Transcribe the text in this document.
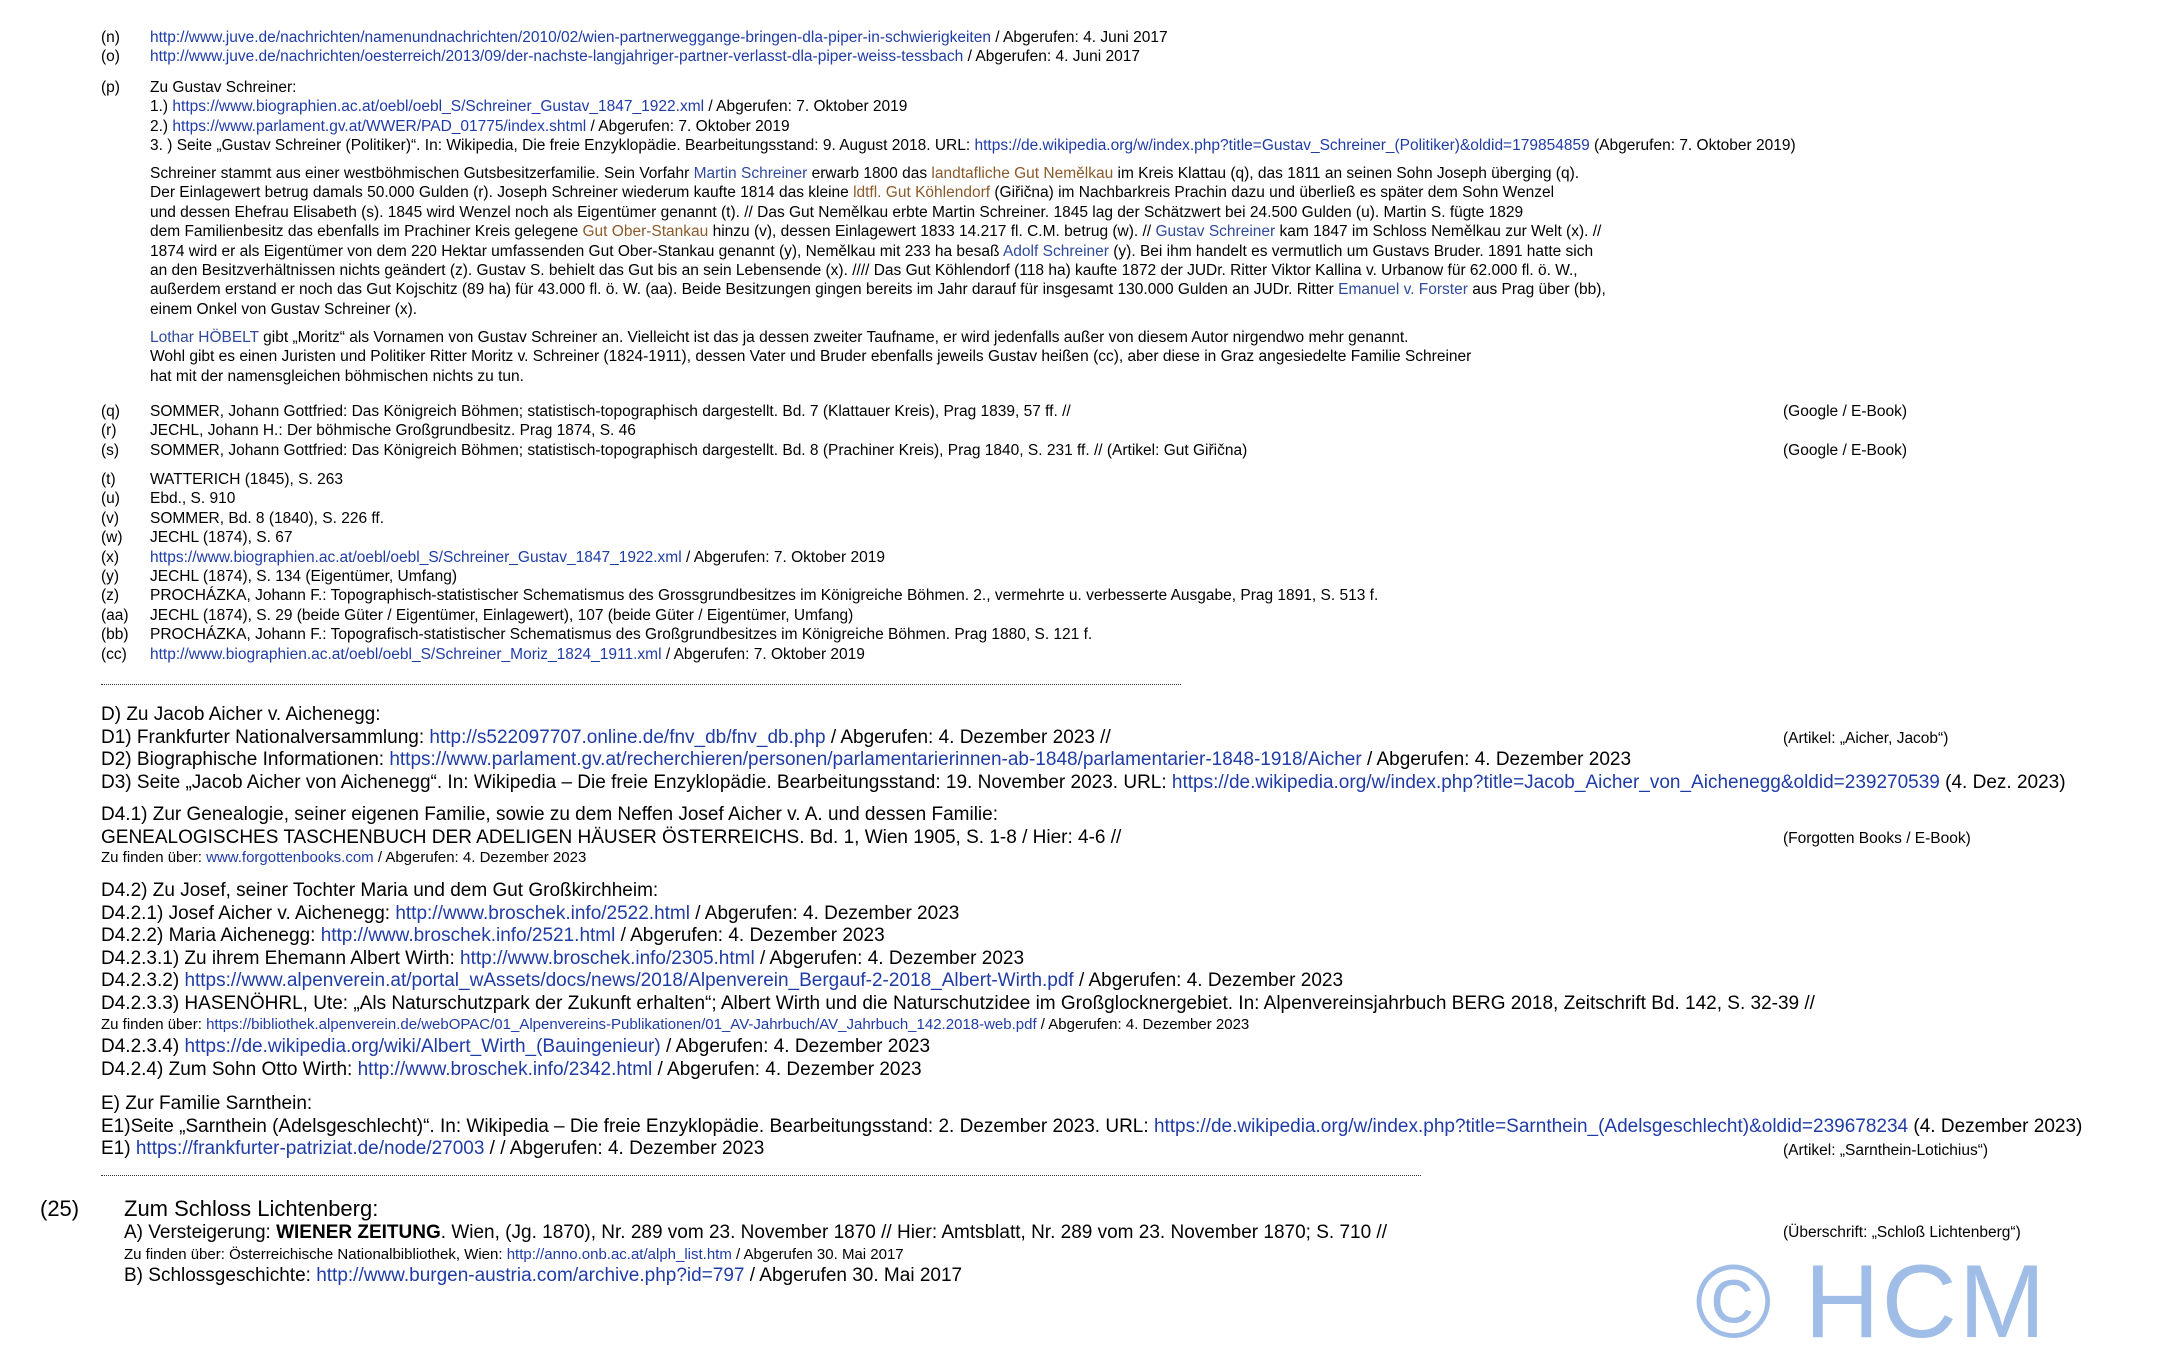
(n) http://www.juve.de/nachrichten/namenundnachrichten/2010/02/wien-partnerweggange-bringen-dla-piper-in-schwierigkeiten / Abgerufen: 4. Juni 2017
(o) http://www.juve.de/nachrichten/oesterreich/2013/09/der-nachste-langjahriger-partner-verlasst-dla-piper-weiss-tessbach / Abgerufen: 4. Juni 2017
(p) Zu Gustav Schreiner:
1.) https://www.biographien.ac.at/oebl/oebl_S/Schreiner_Gustav_1847_1922.xml / Abgerufen: 7. Oktober 2019
2.) https://www.parlament.gv.at/WWER/PAD_01775/index.shtml / Abgerufen: 7. Oktober 2019
3. ) Seite „Gustav Schreiner (Politiker)“. In: Wikipedia, Die freie Enzyklopädie. Bearbeitungsstand: 9. August 2018. URL: https://de.wikipedia.org/w/index.php?title=Gustav_Schreiner_(Politiker)&oldid=179854859 (Abgerufen: 7. Oktober 2019)
Schreiner stammt aus einer westböhmischen Gutsbesitzerfamilie. Sein Vorfahr Martin Schreiner erwarb 1800 das landtafliche Gut Nemělkau im Kreis Klattau (q), das 1811 an seinen Sohn Joseph überging (q).
Der Einlagewert betrug damals 50.000 Gulden (r). Joseph Schreiner wiederum kaufte 1814 das kleine ldtfl. Gut Köhlendorf (Giřična) im Nachbarkreis Prachin dazu und überließ es später dem Sohn Wenzel
und dessen Ehefrau Elisabeth (s). 1845 wird Wenzel noch als Eigentümer genannt (t). // Das Gut Nemělkau erbte Martin Schreiner. 1845 lag der Schätzwert bei 24.500 Gulden (u). Martin S. fügte 1829
dem Familienbesitz das ebenfalls im Prachiner Kreis gelegene Gut Ober-Stankau hinzu (v), dessen Einlagewert 1833 14.217 fl. C.M. betrug (w). // Gustav Schreiner kam 1847 im Schloss Nemělkau zur Welt (x). //
1874 wird er als Eigentümer von dem 220 Hektar umfassenden Gut Ober-Stankau genannt (y), Nemělkau mit 233 ha besaß Adolf Schreiner (y). Bei ihm handelt es vermutlich um Gustavs Bruder. 1891 hatte sich
an den Besitzverhältnissen nichts geändert (z). Gustav S. behielt das Gut bis an sein Lebensende (x). //// Das Gut Köhlendorf (118 ha) kaufte 1872 der JUDr. Ritter Viktor Kallina v. Urbanow für 62.000 fl. ö. W.,
außerdem erstand er noch das Gut Kojschitz (89 ha) für 43.000 fl. ö. W. (aa). Beide Besitzungen gingen bereits im Jahr darauf für insgesamt 130.000 Gulden an JUDr. Ritter Emanuel v. Forster aus Prag über (bb),
einem Onkel von Gustav Schreiner (x).
Lothar HÖBELT gibt „Moritz“ als Vornamen von Gustav Schreiner an. Vielleicht ist das ja dessen zweiter Taufname, er wird jedenfalls außer von diesem Autor nirgendwo mehr genannt.
Wohl gibt es einen Juristen und Politiker Ritter Moritz v. Schreiner (1824-1911), dessen Vater und Bruder ebenfalls jeweils Gustav heißen (cc), aber diese in Graz angesiedelte Familie Schreiner
hat mit der namensgleichen böhmischen nichts zu tun.
(q) SOMMER, Johann Gottfried: Das Königreich Böhmen; statistisch-topographisch dargestellt. Bd. 7 (Klattauer Kreis), Prag 1839, 57 ff. //	(Google / E-Book)
(r) JECHL, Johann H.: Der böhmische Großgrundbesitz. Prag 1874, S. 46
(s) SOMMER, Johann Gottfried: Das Königreich Böhmen; statistisch-topographisch dargestellt. Bd. 8 (Prachiner Kreis), Prag 1840, S. 231 ff. // (Artikel: Gut Giřična)	(Google / E-Book)
(t) WATTERICH (1845), S. 263
(u) Ebd., S. 910
(v) SOMMER, Bd. 8 (1840), S. 226 ff.
(w) JECHL (1874), S. 67
(x) https://www.biographien.ac.at/oebl/oebl_S/Schreiner_Gustav_1847_1922.xml / Abgerufen: 7. Oktober 2019
(y) JECHL (1874), S. 134 (Eigentümer, Umfang)
(z) PROCHÁZKA, Johann F.: Topographisch-statistischer Schematismus des Grossgrundbesitzes im Königreiche Böhmen. 2., vermehrte u. verbesserte Ausgabe, Prag 1891, S. 513 f.
(aa) JECHL (1874), S. 29 (beide Güter / Eigentümer, Einlagewert), 107 (beide Güter / Eigentümer, Umfang)
(bb) PROCHÁZKA, Johann F.: Topografisch-statistischer Schematismus des Großgrundbesitzes im Königreiche Böhmen. Prag 1880, S. 121 f.
(cc) http://www.biographien.ac.at/oebl/oebl_S/Schreiner_Moriz_1824_1911.xml / Abgerufen: 7. Oktober 2019
D) Zu Jacob Aicher v. Aichenegg:
D1) Frankfurter Nationalversammlung: http://s522097707.online.de/fnv_db/fnv_db.php / Abgerufen: 4. Dezember 2023 //	(Artikel: „Aicher, Jacob“)
D2) Biographische Informationen: https://www.parlament.gv.at/recherchieren/personen/parlamentarierinnen-ab-1848/parlamentarier-1848-1918/Aicher / Abgerufen: 4. Dezember 2023
D3) Seite „Jacob Aicher von Aichenegg“. In: Wikipedia – Die freie Enzyklopädie. Bearbeitungsstand: 19. November 2023. URL: https://de.wikipedia.org/w/index.php?title=Jacob_Aicher_von_Aichenegg&oldid=239270539 (4. Dez. 2023)
D4.1) Zur Genealogie, seiner eigenen Familie, sowie zu dem Neffen Josef Aicher v. A. und dessen Familie:
GENEALOGISCHES TASCHENBUCH DER ADELIGEN HÄUSER ÖSTERREICHS. Bd. 1, Wien 1905, S. 1-8 / Hier: 4-6 //	(Forgotten Books / E-Book)
Zu finden über: www.forgottenbooks.com / Abgerufen: 4. Dezember 2023
D4.2) Zu Josef, seiner Tochter Maria und dem Gut Großkirchheim:
D4.2.1) Josef Aicher v. Aichenegg: http://www.broschek.info/2522.html / Abgerufen: 4. Dezember 2023
D4.2.2) Maria Aichenegg: http://www.broschek.info/2521.html / Abgerufen: 4. Dezember 2023
D4.2.3.1) Zu ihrem Ehemann Albert Wirth: http://www.broschek.info/2305.html / Abgerufen: 4. Dezember 2023
D4.2.3.2) https://www.alpenverein.at/portal_wAssets/docs/news/2018/Alpenverein_Bergauf-2-2018_Albert-Wirth.pdf / Abgerufen: 4. Dezember 2023
D4.2.3.3) HASENÖHRL, Ute: „Als Naturschutzpark der Zukunft erhalten“; Albert Wirth und die Naturschutzidee im Großglocknergebiet. In: Alpenvereinsjahrbuch BERG 2018, Zeitschrift Bd. 142, S. 32-39 //
Zu finden über: https://bibliothek.alpenverein.de/webOPAC/01_Alpenvereins-Publikationen/01_AV-Jahrbuch/AV_Jahrbuch_142.2018-web.pdf / Abgerufen: 4. Dezember 2023
D4.2.3.4) https://de.wikipedia.org/wiki/Albert_Wirth_(Bauingenieur) / Abgerufen: 4. Dezember 2023
D4.2.4) Zum Sohn Otto Wirth: http://www.broschek.info/2342.html / Abgerufen: 4. Dezember 2023
E) Zur Familie Sarnthein:
E1)Seite „Sarnthein (Adelsgeschlecht)“. In: Wikipedia – Die freie Enzyklopädie. Bearbeitungsstand: 2. Dezember 2023. URL: https://de.wikipedia.org/w/index.php?title=Sarnthein_(Adelsgeschlecht)&oldid=239678234 (4. Dezember 2023)
E1) https://frankfurter-patriziat.de/node/27003 / / Abgerufen: 4. Dezember 2023	(Artikel: „Sarnthein-Lotichius“)
(25) Zum Schloss Lichtenberg:
A) Versteigerung: WIENER ZEITUNG. Wien, (Jg. 1870), Nr. 289 vom 23. November 1870 // Hier: Amtsblatt, Nr. 289 vom 23. November 1870; S. 710 //	(Überschrift: „Schloß Lichtenberg“)
Zu finden über: Österreichische Nationalbibliothek, Wien: http://anno.onb.ac.at/alph_list.htm / Abgerufen 30. Mai 2017
B) Schlossgeschichte: http://www.burgen-austria.com/archive.php?id=797 / Abgerufen 30. Mai 2017	© HCM
